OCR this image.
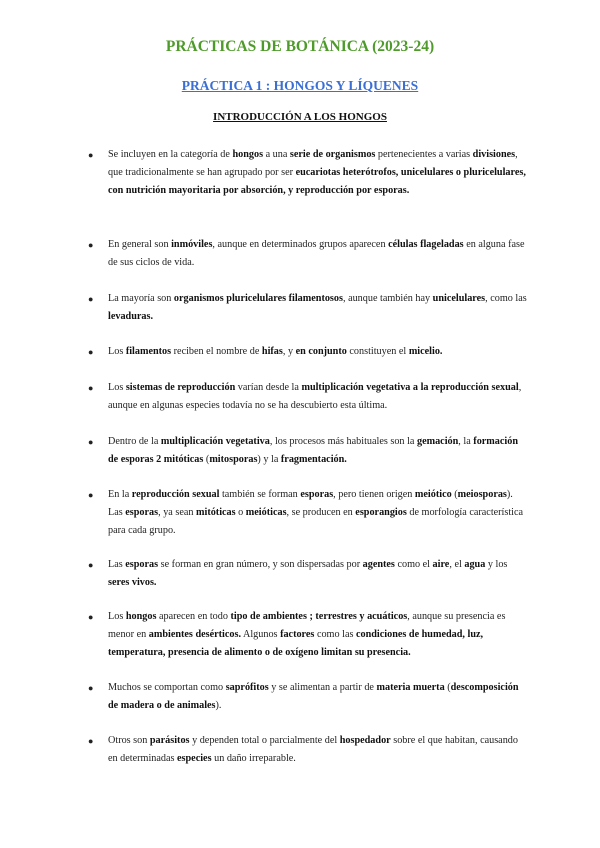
PRÁCTICAS DE BOTÁNICA (2023-24)
PRÁCTICA 1 : HONGOS Y LÍQUENES
INTRODUCCIÓN A LOS HONGOS
●	Se incluyen en la categoría de hongos a una serie de organismos pertenecientes a varias divisiones, que tradicionalmente se han agrupado por ser eucariotas heterótrofos, unicelulares o pluricelulares, con nutrición mayoritaria por absorción, y reproducción por esporas.

●	En general son inmóviles, aunque en determinados grupos aparecen células flageladas en alguna fase de sus ciclos de vida.

●	La mayoría son organismos pluricelulares filamentosos, aunque también hay unicelulares, como las levaduras.

●	Los filamentos reciben el nombre de hifas, y en conjunto constituyen el micelio.

●	Los sistemas de reproducción varían desde la multiplicación vegetativa a la reproducción sexual, aunque en algunas especies todavía no se ha descubierto esta última.

●	Dentro de la multiplicación vegetativa, los procesos más habituales son la gemación, la formación de esporas 2 mitóticas (mitosporas) y la fragmentación.

●	En la reproducción sexual también se forman esporas, pero tienen origen meiótico (meiosporas). Las esporas, ya sean mitóticas o meióticas, se producen en esporangios de morfología característica para cada grupo.

●	Las esporas se forman en gran número, y son dispersadas por agentes como el aire, el agua y los seres vivos.

●	Los hongos aparecen en todo tipo de ambientes ; terrestres y acuáticos, aunque su presencia es menor en ambientes desérticos. Algunos factores como las condiciones de humedad, luz, temperatura, presencia de alimento o de oxígeno limitan su presencia.

●	Muchos se comportan como saprófitos y se alimentan a partir de materia muerta (descomposición de madera o de animales).

●	Otros son parásitos y dependen total o parcialmente del hospedador sobre el que habitan, causando en determinadas especies un daño irreparable.
